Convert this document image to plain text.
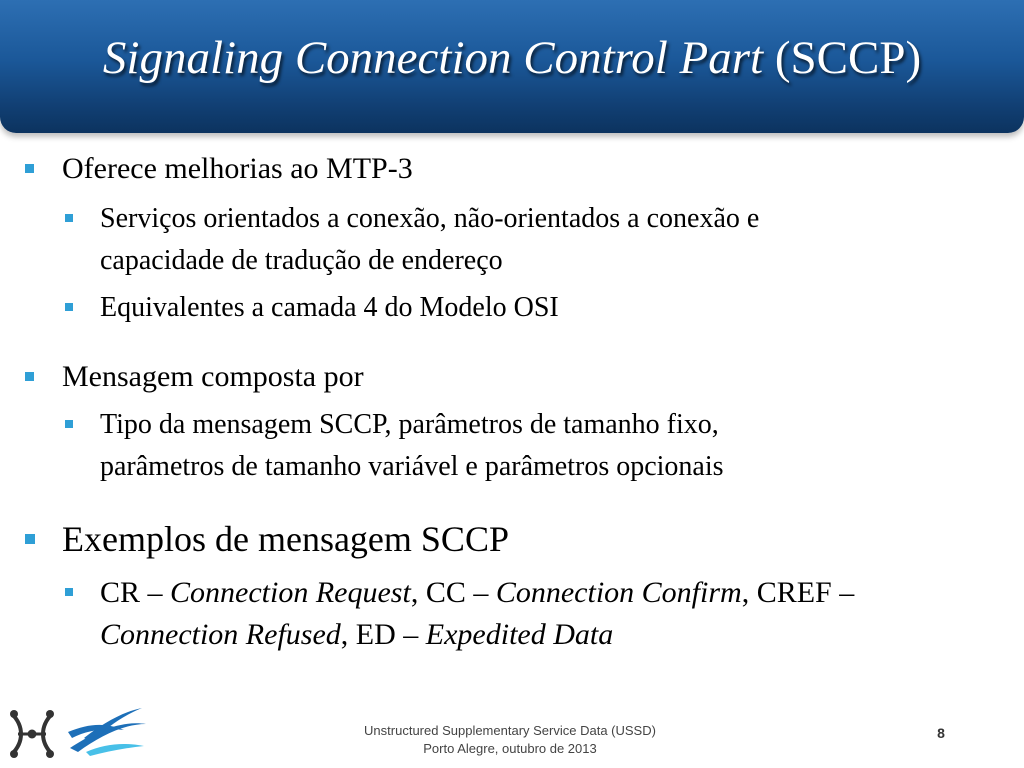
Signaling Connection Control Part (SCCP)
Oferece melhorias ao MTP-3
Serviços orientados a conexão, não-orientados a conexão e
capacidade de tradução de endereço
Equivalentes a camada 4 do Modelo OSI
Mensagem composta por
Tipo da mensagem SCCP, parâmetros de tamanho fixo,
parâmetros de tamanho variável e parâmetros opcionais
Exemplos de mensagem SCCP
CR – Connection Request, CC – Connection Confirm, CREF –
Connection Refused, ED – Expedited Data
Unstructured Supplementary Service Data (USSD)
Porto Alegre, outubro de 2013
8
